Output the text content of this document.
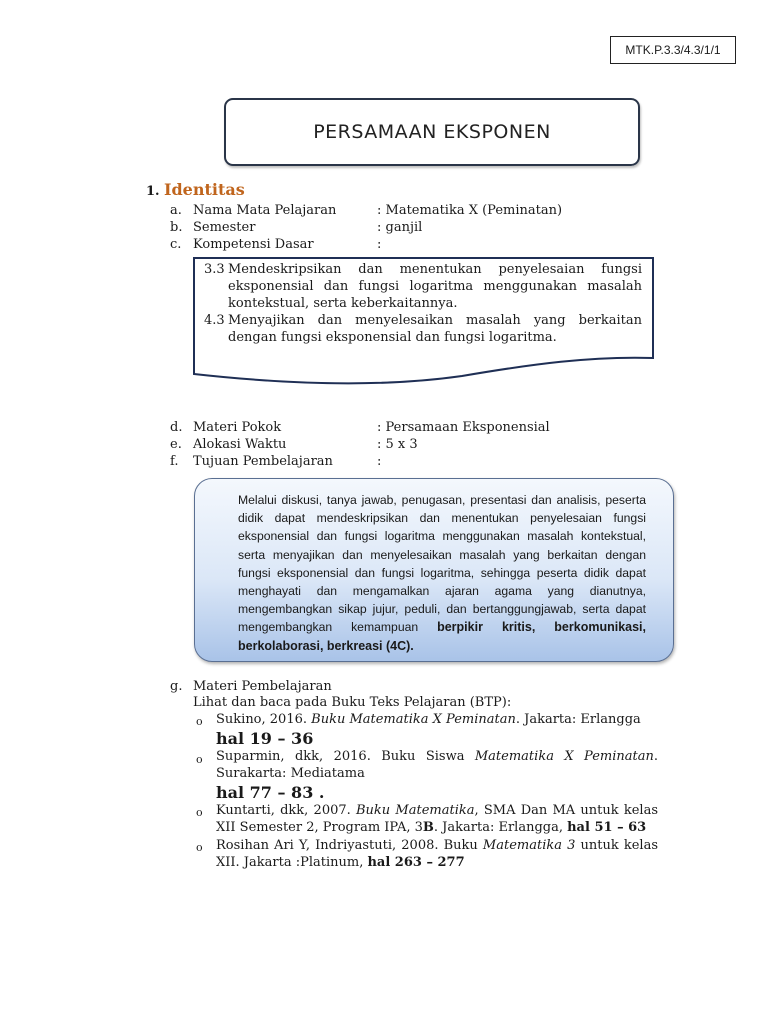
MTK.P.3.3/4.3/1/1
PERSAMAAN EKSPONEN
1. Identitas
a. Nama Mata Pelajaran	: Matematika X (Peminatan)
b. Semester	: ganjil
c. Kompetensi Dasar	:
3.3 Mendeskripsikan dan menentukan penyelesaian fungsi eksponensial dan fungsi logaritma menggunakan masalah kontekstual, serta keberkaitannya.
4.3 Menyajikan dan menyelesaikan masalah yang berkaitan dengan fungsi eksponensial dan fungsi logaritma.
d. Materi Pokok	: Persamaan Eksponensial
e. Alokasi Waktu	: 5 x 3
f. Tujuan Pembelajaran	:
Melalui diskusi, tanya jawab, penugasan, presentasi dan analisis, peserta didik dapat mendeskripsikan dan menentukan penyelesaian fungsi eksponensial dan fungsi logaritma menggunakan masalah kontekstual, serta menyajikan dan menyelesaikan masalah yang berkaitan dengan fungsi eksponensial dan fungsi logaritma, sehingga peserta didik dapat menghayati dan mengamalkan ajaran agama yang dianutnya, mengembangkan sikap jujur, peduli, dan bertanggungjawab, serta dapat mengembangkan kemampuan berpikir kritis, berkomunikasi, berkolaborasi, berkreasi (4C).
g. Materi Pembelajaran
Lihat dan baca pada Buku Teks Pelajaran (BTP):
o Sukino, 2016. Buku Matematika X Peminatan. Jakarta: Erlangga
hal 19 – 36
o Suparmin, dkk, 2016. Buku Siswa Matematika X Peminatan. Surakarta: Mediatama
hal 77 – 83 .
o Kuntarti, dkk, 2007. Buku Matematika, SMA Dan MA untuk kelas XII Semester 2, Program IPA, 3B. Jakarta: Erlangga, hal 51 – 63
o Rosihan Ari Y, Indriyastuti, 2008. Buku Matematika 3 untuk kelas XII. Jakarta :Platinum, hal 263 – 277
